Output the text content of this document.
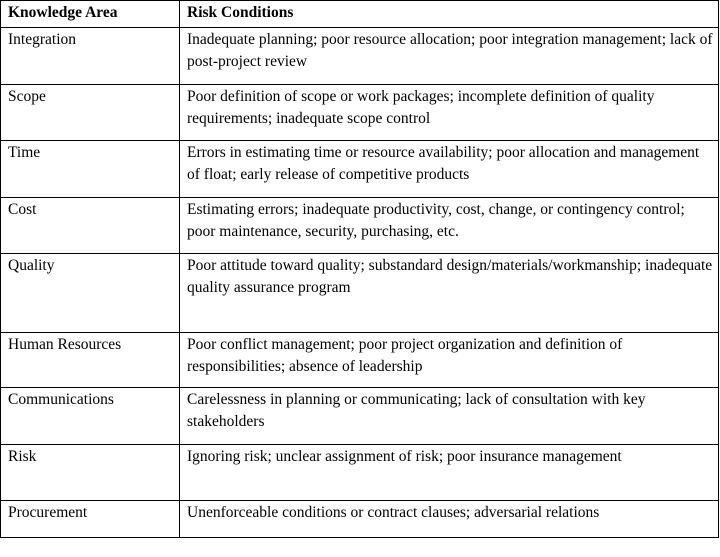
Knowledge Area	Risk Conditions
Integration	Inadequate planning; poor resource allocation; poor integration management; lack of post-project review
Scope	Poor definition of scope or work packages; incomplete definition of quality requirements; inadequate scope control
Time	Errors in estimating time or resource availability; poor allocation and management of float; early release of competitive products
Cost	Estimating errors; inadequate productivity, cost, change, or contingency control; poor maintenance, security, purchasing, etc.
Quality	Poor attitude toward quality; substandard design/materials/workmanship; inadequate quality assurance program
Human Resources	Poor conflict management; poor project organization and definition of responsibilities; absence of leadership
Communications	Carelessness in planning or communicating; lack of consultation with key stakeholders
Risk	Ignoring risk; unclear assignment of risk; poor insurance management
Procurement	Unenforceable conditions or contract clauses; adversarial relations
